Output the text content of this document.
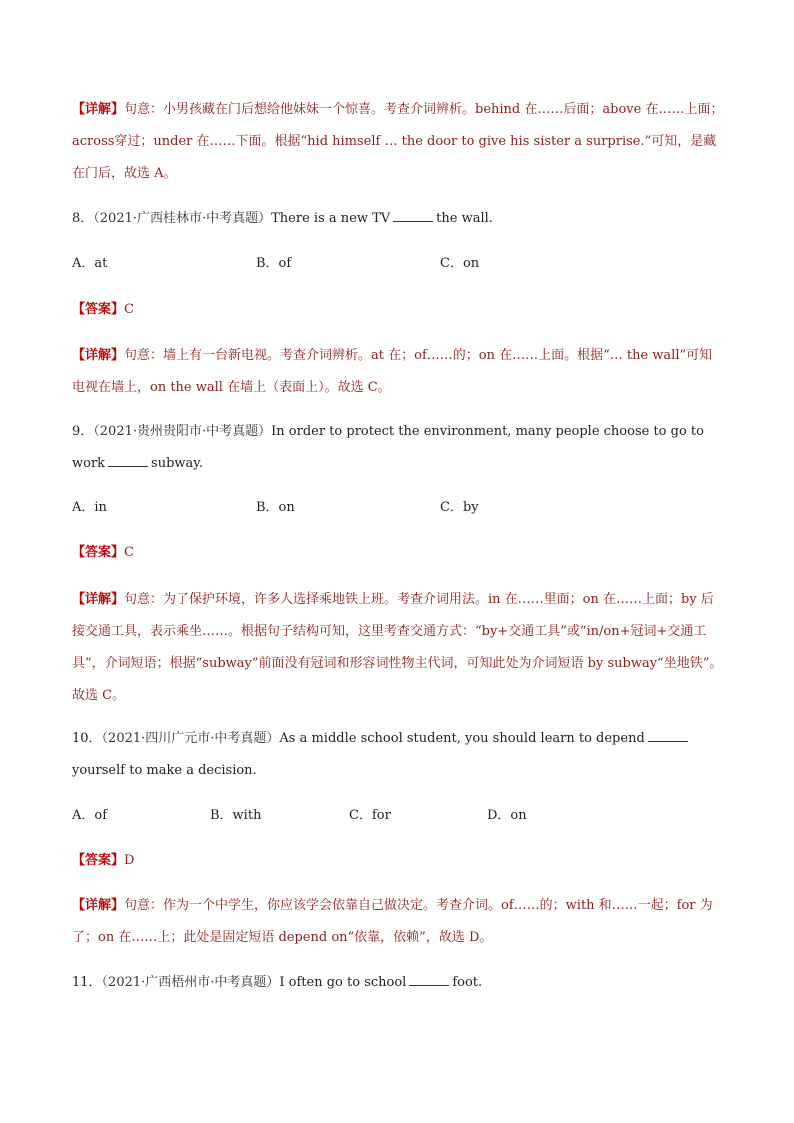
【详解】句意：小男孩藏在门后想给他妹妹一个惊喜。考查介词辨析。behind 在……后面；above 在……上面；across穿过；under 在……下面。根据“hid himself … the door to give his sister a surprise.”可知，是藏在门后，故选 A。

8．（2021·广西桂林市·中考真题）There is a new TV	the wall.

A．at	B．of	C．on

【答案】C

【详解】句意：墙上有一台新电视。考查介词辨析。at 在；of……的；on 在……上面。根据“… the wall”可知电视在墙上，on the wall 在墙上（表面上）。故选 C。

9．（2021·贵州贵阳市·中考真题）In order to protect the environment, many people choose to go to work	subway.

A．in	B．on	C．by

【答案】C

【详解】句意：为了保护环境，许多人选择乘地铁上班。考查介词用法。in 在……里面；on 在……上面；by 后接交通工具，表示乘坐……。根据句子结构可知，这里考查交通方式：“by+交通工具”或“in/on+冠词+交通工具”，介词短语；根据“subway”前面没有冠词和形容词性物主代词，可知此处为介词短语 by subway“坐地铁”。故选 C。

10．（2021·四川广元市·中考真题）As a middle school student, you should learn to dependyourself to make a decision.

A．of	B．with	C．for	D．on

【答案】D

【详解】句意：作为一个中学生，你应该学会依靠自己做决定。考查介词。of……的；with 和……一起；for 为了；on 在……上；此处是固定短语 depend on“依靠，依赖”，故选 D。

11．（2021·广西梧州市·中考真题）I often go to school	foot.
